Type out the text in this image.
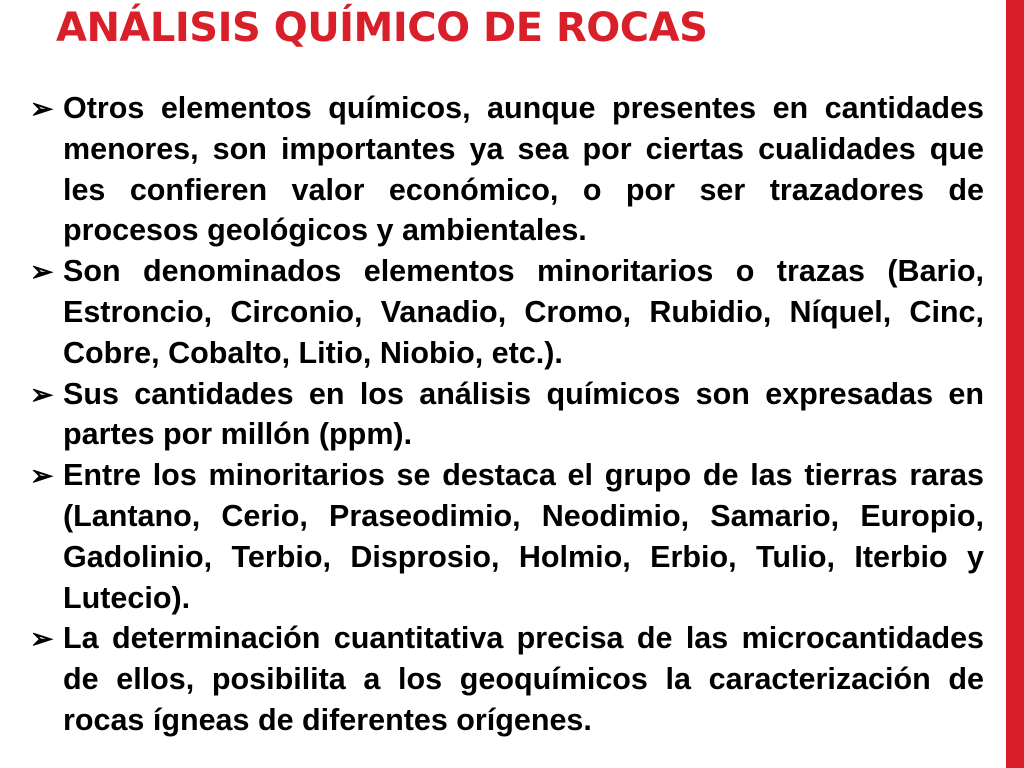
ANÁLISIS QUÍMICO DE ROCAS
➢ Otros elementos químicos, aunque presentes en cantidades menores, son importantes ya sea por ciertas cualidades que les confieren valor económico, o por ser trazadores de procesos geológicos y ambientales.
➢ Son denominados elementos minoritarios o trazas (Bario, Estroncio, Circonio, Vanadio, Cromo, Rubidio, Níquel, Cinc, Cobre, Cobalto, Litio, Niobio, etc.).
➢ Sus cantidades en los análisis químicos son expresadas en partes por millón (ppm).
➢ Entre los minoritarios se destaca el grupo de las tierras raras (Lantano, Cerio, Praseodimio, Neodimio, Samario, Europio, Gadolinio, Terbio, Disprosio, Holmio, Erbio, Tulio, Iterbio y Lutecio).
➢ La determinación cuantitativa precisa de las microcantidades de ellos, posibilita a los geoquímicos la caracterización de rocas ígneas de diferentes orígenes.
